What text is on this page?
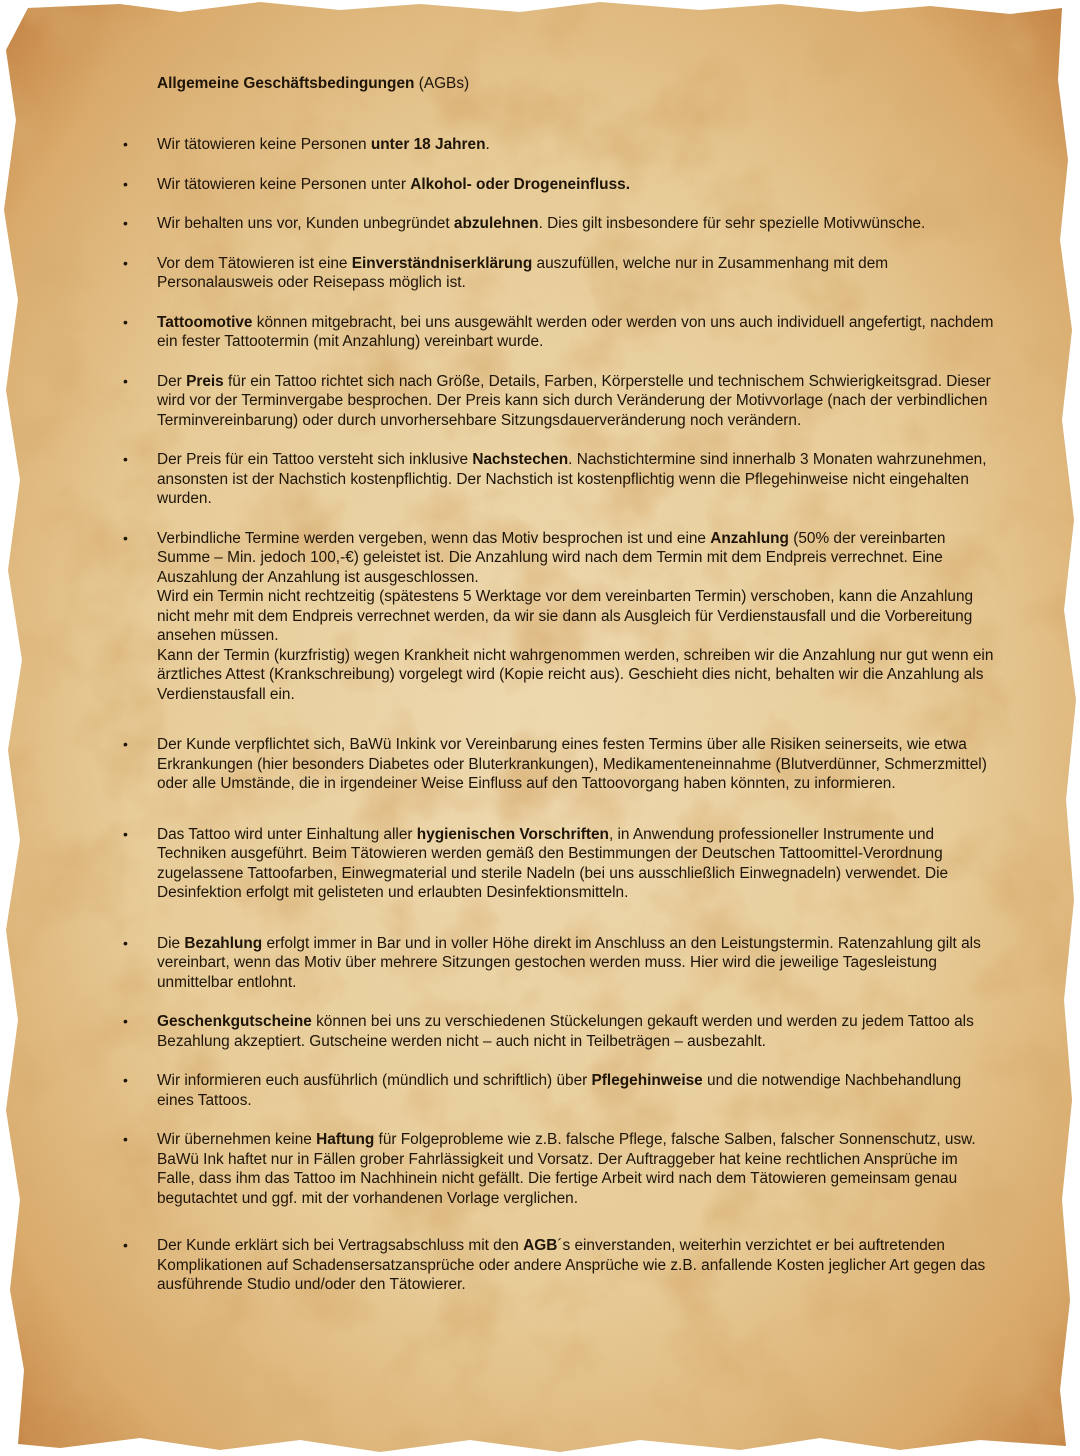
Allgemeine Geschäftsbedingungen (AGBs)
• Wir tätowieren keine Personen unter 18 Jahren.

• Wir tätowieren keine Personen unter Alkohol- oder Drogeneinfluss.

• Wir behalten uns vor, Kunden unbegründet abzulehnen. Dies gilt insbesondere für sehr spezielle Motivwünsche.

• Vor dem Tätowieren ist eine Einverständniserklärung auszufüllen, welche nur in Zusammenhang mit dem Personalausweis oder Reisepass möglich ist.

• Tattoomotive können mitgebracht, bei uns ausgewählt werden oder werden von uns auch individuell angefertigt, nachdem ein fester Tattootermin (mit Anzahlung) vereinbart wurde.

• Der Preis für ein Tattoo richtet sich nach Größe, Details, Farben, Körperstelle und technischem Schwierigkeitsgrad. Dieser wird vor der Terminvergabe besprochen. Der Preis kann sich durch Veränderung der Motivvorlage (nach der verbindlichen Terminvereinbarung) oder durch unvorhersehbare Sitzungsdauerveränderung noch verändern.

• Der Preis für ein Tattoo versteht sich inklusive Nachstechen. Nachstichtermine sind innerhalb 3 Monaten wahrzunehmen, ansonsten ist der Nachstich kostenpflichtig. Der Nachstich ist kostenpflichtig wenn die Pflegehinweise nicht eingehalten wurden.

• Verbindliche Termine werden vergeben, wenn das Motiv besprochen ist und eine Anzahlung (50% der vereinbarten Summe – Min. jedoch 100,-€) geleistet ist. Die Anzahlung wird nach dem Termin mit dem Endpreis verrechnet. Eine Auszahlung der Anzahlung ist ausgeschlossen.

Wird ein Termin nicht rechtzeitig (spätestens 5 Werktage vor dem vereinbarten Termin) verschoben, kann die Anzahlung nicht mehr mit dem Endpreis verrechnet werden, da wir sie dann als Ausgleich für Verdienstausfall und die Vorbereitung ansehen müssen.

Kann der Termin (kurzfristig) wegen Krankheit nicht wahrgenommen werden, schreiben wir die Anzahlung nur gut wenn ein ärztliches Attest (Krankschreibung) vorgelegt wird (Kopie reicht aus). Geschieht dies nicht, behalten wir die Anzahlung als Verdienstausfall ein.

• Der Kunde verpflichtet sich, BaWü Inkink vor Vereinbarung eines festen Termins über alle Risiken seinerseits, wie etwa Erkrankungen (hier besonders Diabetes oder Bluterkrankungen), Medikamenteneinnahme (Blutverdünner, Schmerzmittel) oder alle Umstände, die in irgendeiner Weise Einfluss auf den Tattoovorgang haben könnten, zu informieren.

• Das Tattoo wird unter Einhaltung aller hygienischen Vorschriften, in Anwendung professioneller Instrumente und Techniken ausgeführt. Beim Tätowieren werden gemäß den Bestimmungen der Deutschen Tattoomittel-Verordnung zugelassene Tattoofarben, Einwegmaterial und sterile Nadeln (bei uns ausschließlich Einwegnadeln) verwendet. Die Desinfektion erfolgt mit gelisteten und erlaubten Desinfektionsmitteln.

• Die Bezahlung erfolgt immer in Bar und in voller Höhe direkt im Anschluss an den Leistungstermin. Ratenzahlung gilt als vereinbart, wenn das Motiv über mehrere Sitzungen gestochen werden muss. Hier wird die jeweilige Tagesleistung unmittelbar entlohnt.

• Geschenkgutscheine können bei uns zu verschiedenen Stückelungen gekauft werden und werden zu jedem Tattoo als Bezahlung akzeptiert. Gutscheine werden nicht – auch nicht in Teilbeträgen – ausbezahlt.

• Wir informieren euch ausführlich (mündlich und schriftlich) über Pflegehinweise und die notwendige Nachbehandlung eines Tattoos.

• Wir übernehmen keine Haftung für Folgeprobleme wie z.B. falsche Pflege, falsche Salben, falscher Sonnenschutz, usw.

BaWü Ink haftet nur in Fällen grober Fahrlässigkeit und Vorsatz. Der Auftraggeber hat keine rechtlichen Ansprüche im Falle, dass ihm das Tattoo im Nachhinein nicht gefällt. Die fertige Arbeit wird nach dem Tätowieren gemeinsam genau begutachtet und ggf. mit der vorhandenen Vorlage verglichen.

• Der Kunde erklärt sich bei Vertragsabschluss mit den AGB´s einverstanden, weiterhin verzichtet er bei auftretenden Komplikationen auf Schadensersatzansprüche oder andere Ansprüche wie z.B. anfallende Kosten jeglicher Art gegen das ausführende Studio und/oder den Tätowierer.
